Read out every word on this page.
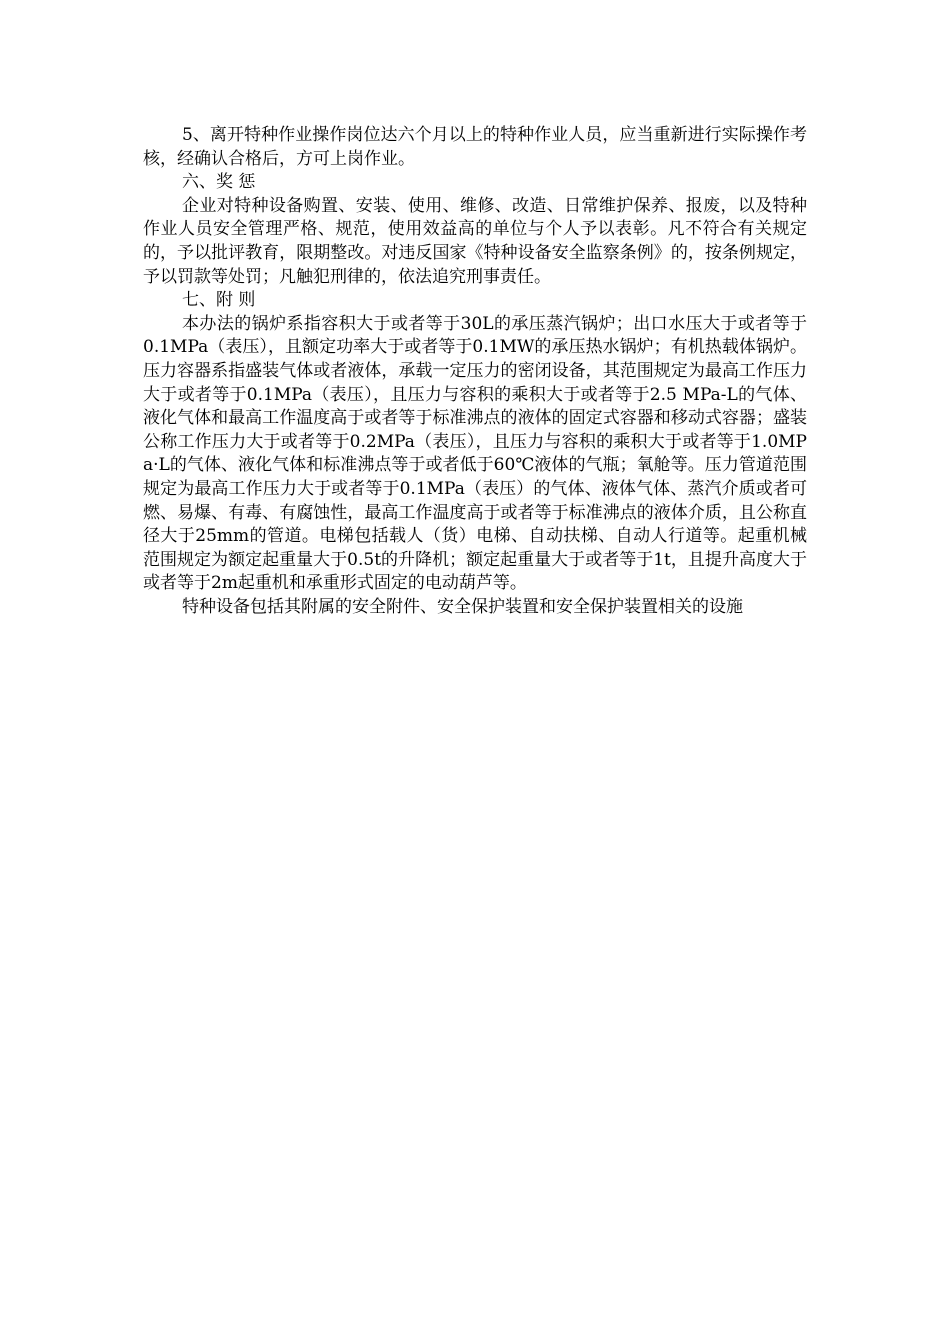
5、离开特种作业操作岗位达六个月以上的特种作业人员，应当重新进行实际操作考核，经确认合格后，方可上岗作业。

六、奖 惩

企业对特种设备购置、安装、使用、维修、改造、日常维护保养、报废，以及特种作业人员安全管理严格、规范，使用效益高的单位与个人予以表彰。凡不符合有关规定的，予以批评教育，限期整改。对违反国家《特种设备安全监察条例》的，按条例规定，予以罚款等处罚；凡触犯刑律的，依法追究刑事责任。

七、附 则

本办法的锅炉系指容积大于或者等于30L的承压蒸汽锅炉；出口水压大于或者等于0.1MPa（表压），且额定功率大于或者等于0.1MW的承压热水锅炉；有机热载体锅炉。压力容器系指盛装气体或者液体，承载一定压力的密闭设备，其范围规定为最高工作压力大于或者等于0.1MPa（表压），且压力与容积的乘积大于或者等于2.5 MPa-L的气体、液化气体和最高工作温度高于或者等于标准沸点的液体的固定式容器和移动式容器；盛装公称工作压力大于或者等于0.2MPa（表压），且压力与容积的乘积大于或者等于1.0MPa·L的气体、液化气体和标准沸点等于或者低于60℃液体的气瓶；氧舱等。压力管道范围规定为最高工作压力大于或者等于0.1MPa（表压）的气体、液体气体、蒸汽介质或者可燃、易爆、有毒、有腐蚀性，最高工作温度高于或者等于标准沸点的液体介质，且公称直径大于25mm的管道。电梯包括载人（货）电梯、自动扶梯、自动人行道等。起重机械范围规定为额定起重量大于0.5t的升降机；额定起重量大于或者等于1t，且提升高度大于或者等于2m起重机和承重形式固定的电动葫芦等。

特种设备包括其附属的安全附件、安全保护装置和安全保护装置相关的设施
